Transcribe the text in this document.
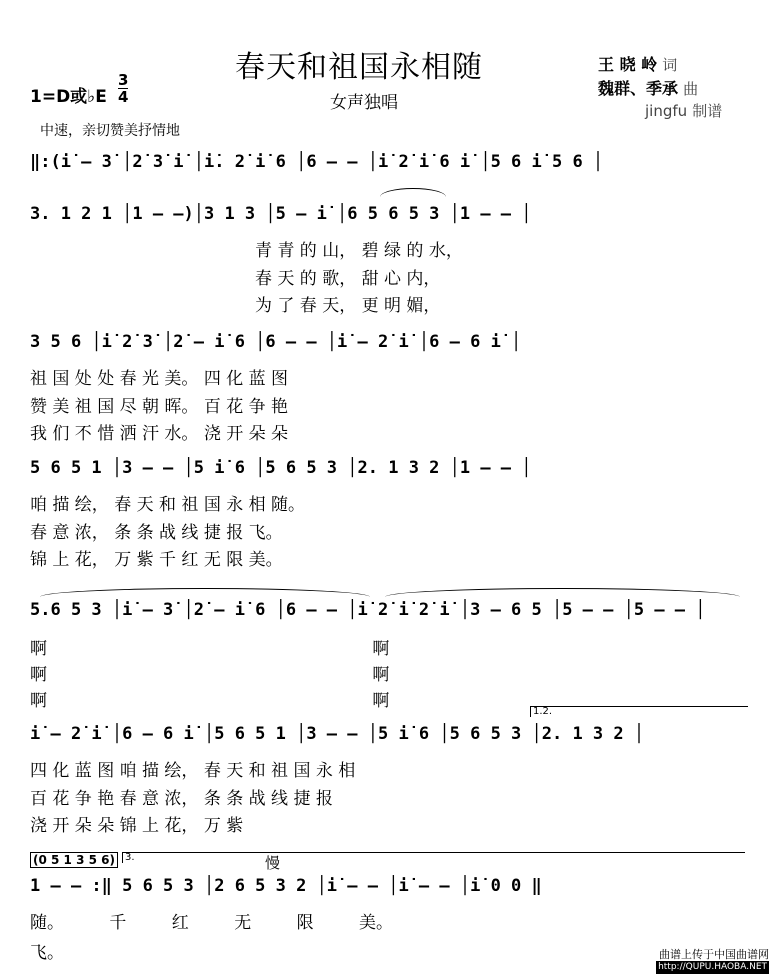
春天和祖国永相随
女声独唱
1=D或♭E
3
4
中速，亲切赞美抒情地
王 晓 岭 词
魏群、季承 曲
jingfu 制谱
‖:(i̇ – 3̇ │2̇ 3̇ i̇ │i̇. 2̇ i̇ 6 │6 – – │i̇ 2̇ i̇ 6 i̇ │5 6 i̇ 5 6 │
3. 1 2 1 │1 – –)│3 1 3 │5 – i̇ │6 5 6 5 3 │1 – – │
青 青 的 山， 碧 绿 的 水，
春 天 的 歌， 甜 心 内，
为 了 春 天， 更 明 媚，
3 5 6 │i̇ 2̇ 3̇ │2̇ – i̇ 6 │6 – – │i̇ – 2̇ i̇ │6 – 6 i̇ │
祖 国 处 处 春 光 美。 四 化 蓝 图
赞 美 祖 国 尽 朝 晖。 百 花 争 艳
我 们 不 惜 洒 汗 水。 浇 开 朵 朵
5 6 5 1 │3 – – │5 i̇ 6 │5 6 5 3 │2. 1 3 2 │1 – – │
咱 描 绘， 春 天 和 祖 国 永 相 随。
春 意 浓， 条 条 战 线 捷 报 飞。
锦 上 花， 万 紫 千 红 无 限 美。
5.6 5 3 │i̇ – 3̇ │2̇ – i̇ 6 │6 – – │i̇ 2̇ i̇ 2̇ i̇ │3 – 6 5 │5 – – │5 – – │
啊 啊
啊 啊
啊 啊
1.2.
i̇ – 2̇ i̇ │6 – 6 i̇ │5 6 5 1 │3 – – │5 i̇ 6 │5 6 5 3 │2. 1 3 2 │
四 化 蓝 图 咱 描 绘， 春 天 和 祖 国 永 相
百 花 争 艳 春 意 浓， 条 条 战 线 捷 报
浇 开 朵 朵 锦 上 花， 万 紫
3.
(0 5 1 3 5 6)	慢
1 – – :‖ 5 6 5 3 │2 6 5 3 2 │i̇ – – │i̇ – – │i̇ 0 0 ‖
随。 千 红 无 限 美。
飞。	曲谱上传于中国曲谱网
http://QUPU.HAOBA.NET
